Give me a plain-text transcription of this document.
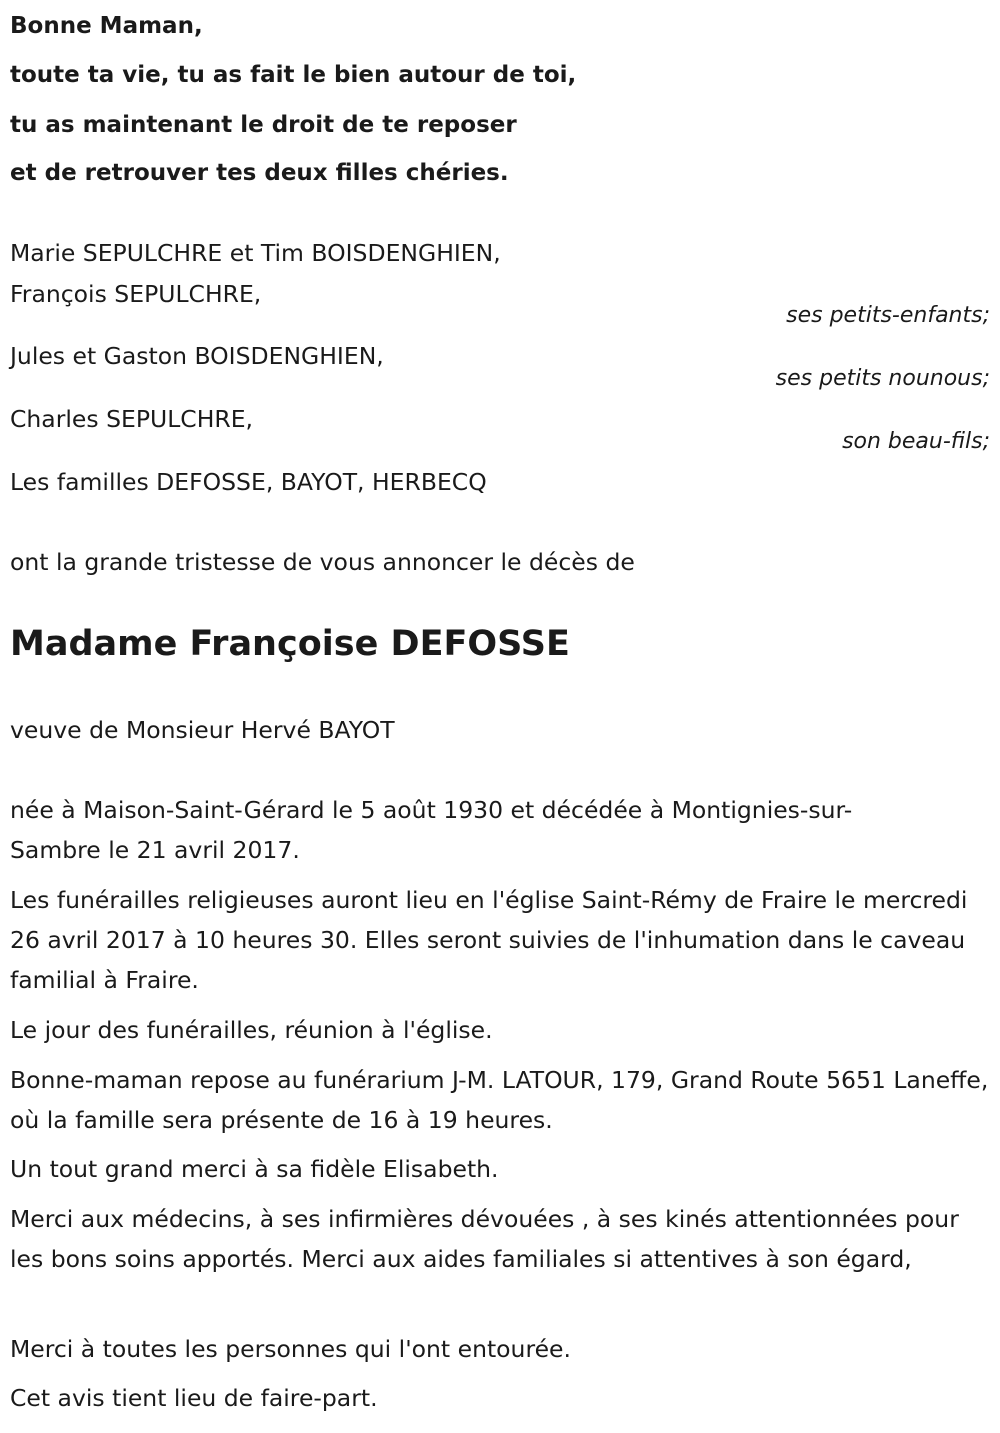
Bonne Maman,
toute ta vie, tu as fait le bien autour de toi,
tu as maintenant le droit de te reposer
et de retrouver tes deux filles chéries.
Marie SEPULCHRE et Tim BOISDENGHIEN,
François SEPULCHRE,
ses petits-enfants;
Jules et Gaston BOISDENGHIEN,
ses petits nounous;
Charles SEPULCHRE,
son beau-fils;
Les familles DEFOSSE, BAYOT, HERBECQ
ont la grande tristesse de vous annoncer le décès de
Madame Françoise DEFOSSE
veuve de Monsieur Hervé BAYOT
née à Maison-Saint-Gérard le 5 août 1930 et décédée à Montignies-sur-Sambre le 21 avril 2017.
Les funérailles religieuses auront lieu en l'église Saint-Rémy de Fraire le mercredi 26 avril 2017 à 10 heures 30. Elles seront suivies de l'inhumation dans le caveau familial à Fraire.
Le jour des funérailles, réunion à l'église.
Bonne-maman repose au funérarium J-M. LATOUR, 179, Grand Route 5651 Laneffe, où la famille sera présente de 16 à 19 heures.
Un tout grand merci à sa fidèle Elisabeth.
Merci aux médecins, à ses infirmières dévouées , à ses kinés attentionnées pour les bons soins apportés. Merci aux aides familiales si attentives à son égard,
Merci à toutes les personnes qui l'ont entourée.
Cet avis tient lieu de faire-part.
